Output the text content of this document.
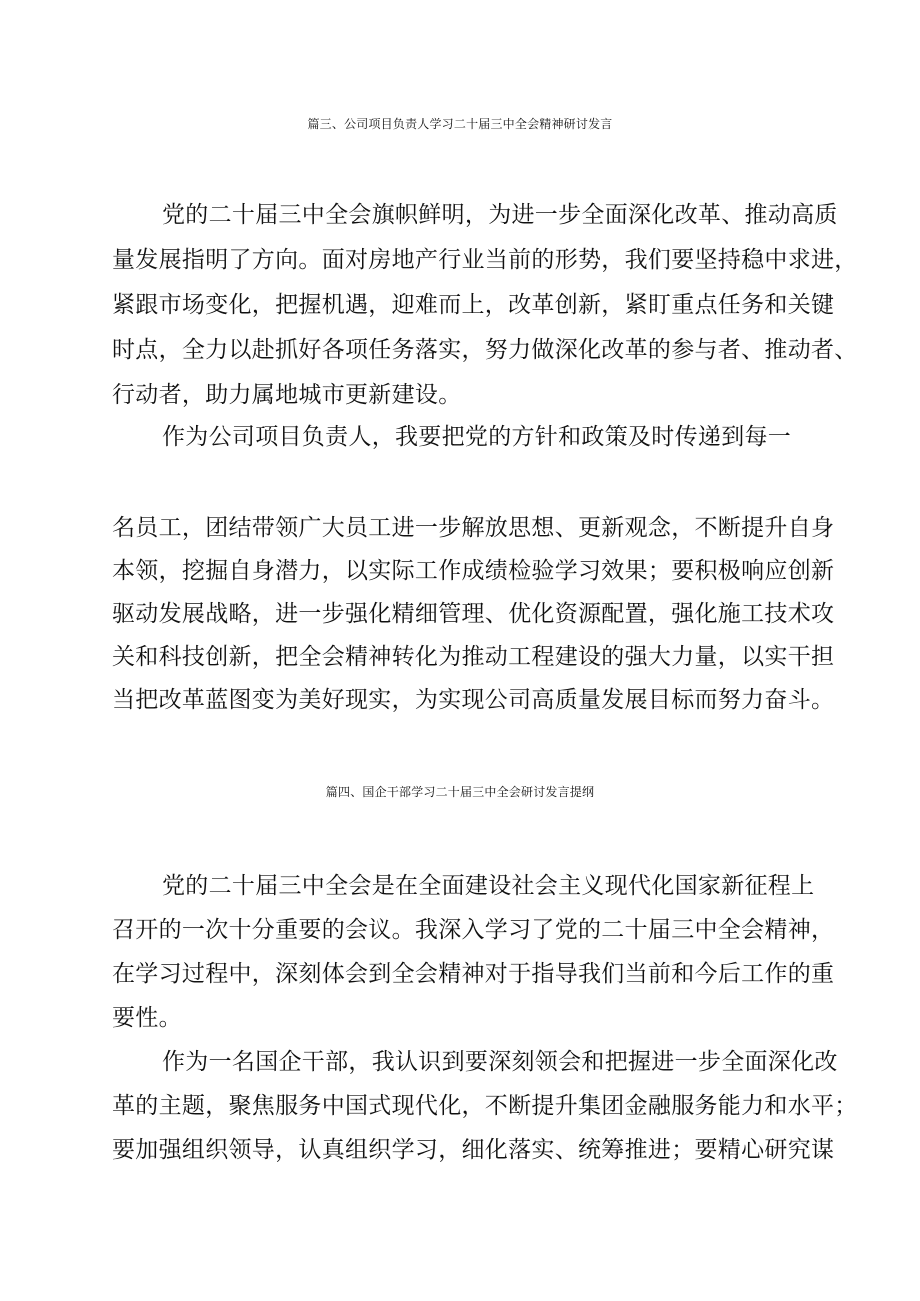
篇三、公司项目负责人学习二十届三中全会精神研讨发言
党的二十届三中全会旗帜鲜明，为进一步全面深化改革、推动高质
量发展指明了方向。面对房地产行业当前的形势，我们要坚持稳中求进，
紧跟市场变化，把握机遇，迎难而上，改革创新，紧盯重点任务和关键
时点，全力以赴抓好各项任务落实，努力做深化改革的参与者、推动者、
行动者，助力属地城市更新建设。
作为公司项目负责人，我要把党的方针和政策及时传递到每一
名员工，团结带领广大员工进一步解放思想、更新观念，不断提升自身
本领，挖掘自身潜力，以实际工作成绩检验学习效果；要积极响应创新
驱动发展战略，进一步强化精细管理、优化资源配置，强化施工技术攻
关和科技创新，把全会精神转化为推动工程建设的强大力量，以实干担
当把改革蓝图变为美好现实，为实现公司高质量发展目标而努力奋斗。
篇四、国企干部学习二十届三中全会研讨发言提纲
党的二十届三中全会是在全面建设社会主义现代化国家新征程上
召开的一次十分重要的会议。我深入学习了党的二十届三中全会精神，
在学习过程中，深刻体会到全会精神对于指导我们当前和今后工作的重
要性。
作为一名国企干部，我认识到要深刻领会和把握进一步全面深化改
革的主题，聚焦服务中国式现代化，不断提升集团金融服务能力和水平；
要加强组织领导，认真组织学习，细化落实、统筹推进；要精心研究谋
